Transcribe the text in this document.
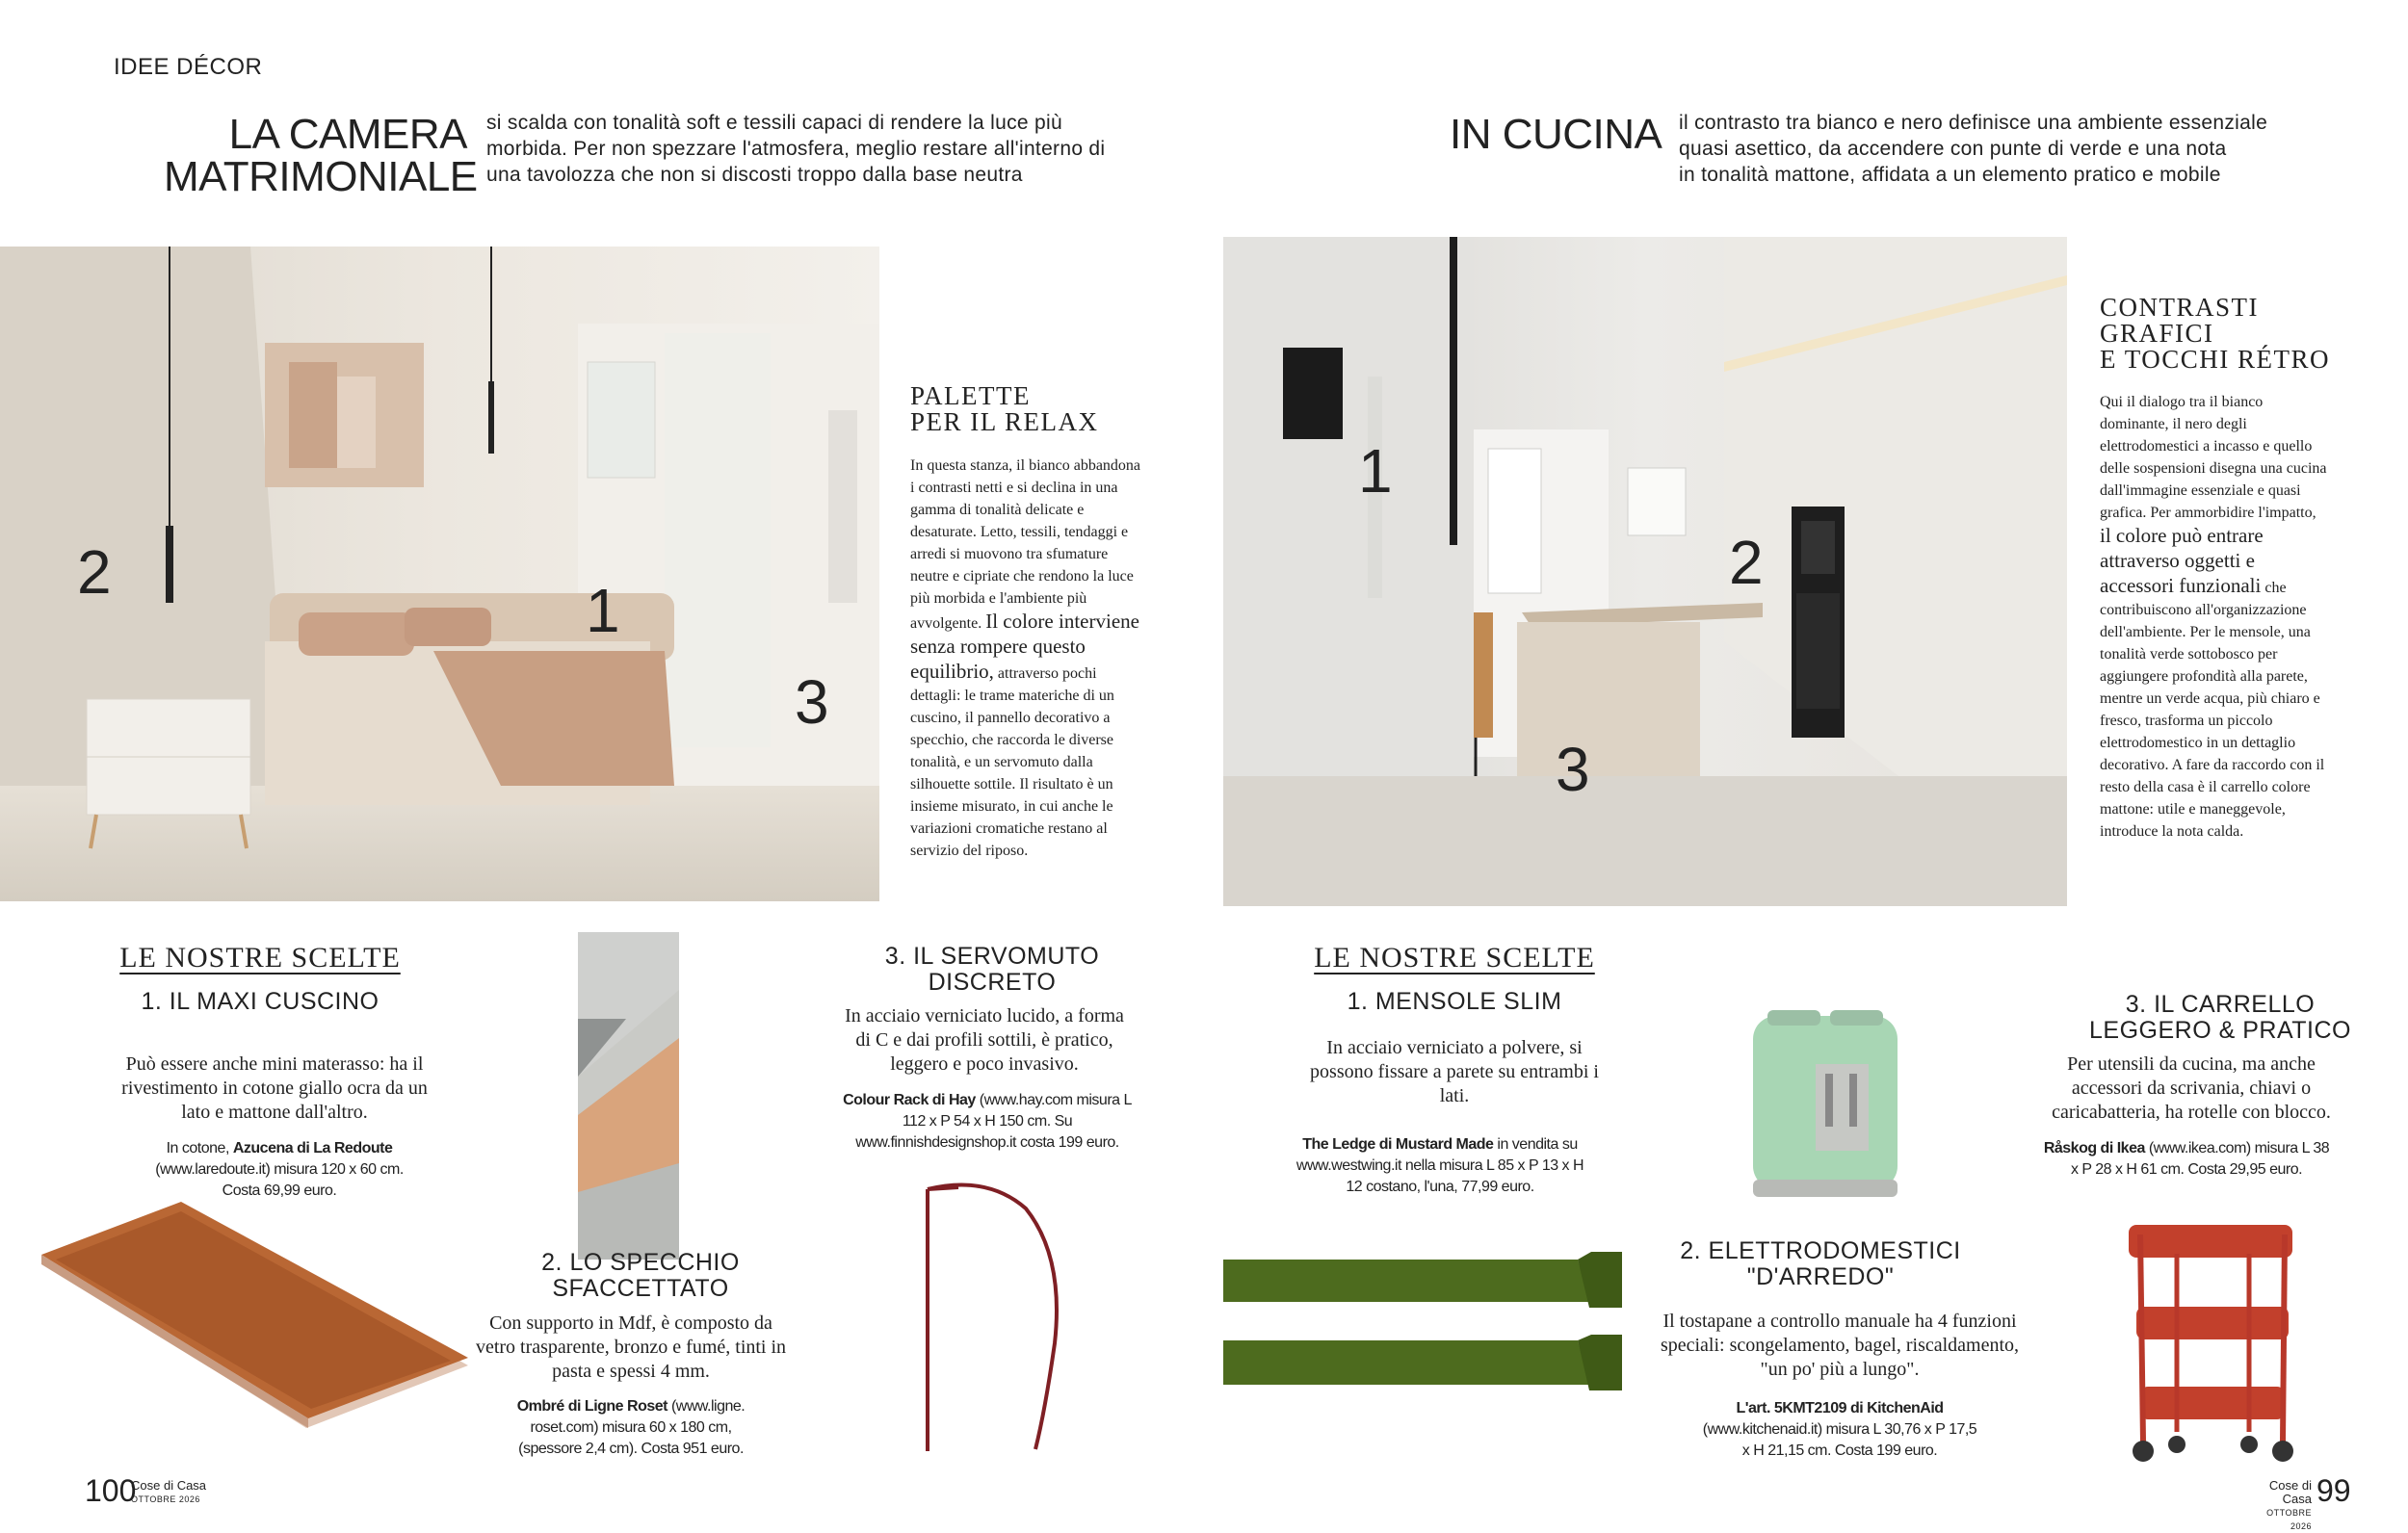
IDEE DÉCOR
LA CAMERA
MATRIMONIALE
si scalda con tonalità soft e tessili capaci di rendere la luce più
morbida. Per non spezzare l'atmosfera, meglio restare all'interno di
una tavolozza che non si discosti troppo dalla base neutra
2
1
3
PALETTE
PER IL RELAX
In questa stanza, il bianco abbandona i contrasti netti e si declina in una gamma di tonalità delicate e desaturate. Letto, tessili, tendaggi e arredi si muovono tra sfumature neutre e cipriate che rendono la luce più morbida e l'ambiente più avvolgente. Il colore interviene senza rompere questo equilibrio, attraverso pochi dettagli: le trame materiche di un cuscino, il pannello decorativo a specchio, che raccorda le diverse tonalità, e un servomuto dalla silhouette sottile. Il risultato è un insieme misurato, in cui anche le variazioni cromatiche restano al servizio del riposo.
LE NOSTRE SCELTE
1. IL MAXI CUSCINO
Può essere anche mini materasso: ha il rivestimento in cotone giallo ocra da un lato e mattone dall'altro.
In cotone, Azucena di La Redoute (www.laredoute.it) misura 120 x 60 cm. Costa 69,99 euro.
2. LO SPECCHIO
SFACCETTATO
Con supporto in Mdf, è composto da vetro trasparente, bronzo e fumé, tinti in pasta e spessi 4 mm.
Ombré di Ligne Roset (www.ligne. roset.com) misura 60 x 180 cm, (spessore 2,4 cm). Costa 951 euro.
3. IL SERVOMUTO
DISCRETO
In acciaio verniciato lucido, a forma di C e dai profili sottili, è pratico, leggero e poco invasivo.
Colour Rack di Hay (www.hay.com misura L 112 x P 54 x H 150 cm. Su www.finnishdesignshop.it costa 199 euro.
100
Cose di Casa
OTTOBRE 2026
IN CUCINA il contrasto tra bianco e nero definisce una ambiente essenziale
quasi asettico, da accendere con punte di verde e una nota
in tonalità mattone, affidata a un elemento pratico e mobile
1
2
3
CONTRASTI
GRAFICI
E TOCCHI RÉTRO
Qui il dialogo tra il bianco dominante, il nero degli elettrodomestici a incasso e quello delle sospensioni disegna una cucina dall'immagine essenziale e quasi grafica. Per ammorbidire l'impatto, il colore può entrare attraverso oggetti e accessori funzionali che contribuiscono all'organizzazione dell'ambiente. Per le mensole, una tonalità verde sottobosco per aggiungere profondità alla parete, mentre un verde acqua, più chiaro e fresco, trasforma un piccolo elettrodomestico in un dettaglio decorativo. A fare da raccordo con il resto della casa è il carrello colore mattone: utile e maneggevole, introduce la nota calda.
LE NOSTRE SCELTE
1. MENSOLE SLIM
In acciaio verniciato a polvere, si possono fissare a parete su entrambi i lati.
The Ledge di Mustard Made in vendita su www.westwing.it nella misura L 85 x P 13 x H 12 costano, l'una, 77,99 euro.
2. ELETTRODOMESTICI
"D'ARREDO"
Il tostapane a controllo manuale ha 4 funzioni speciali: scongelamento, bagel, riscaldamento, "un po' più a lungo".
L'art. 5KMT2109 di KitchenAid (www.kitchenaid.it) misura L 30,76 x P 17,5 x H 21,15 cm. Costa 199 euro.
3. IL CARRELLO
LEGGERO & PRATICO
Per utensili da cucina, ma anche accessori da scrivania, chiavi o caricabatteria, ha rotelle con blocco.
Råskog di Ikea (www.ikea.com) misura L 38 x P 28 x H 61 cm. Costa 29,95 euro.
Cose di Casa
OTTOBRE 2026
99
